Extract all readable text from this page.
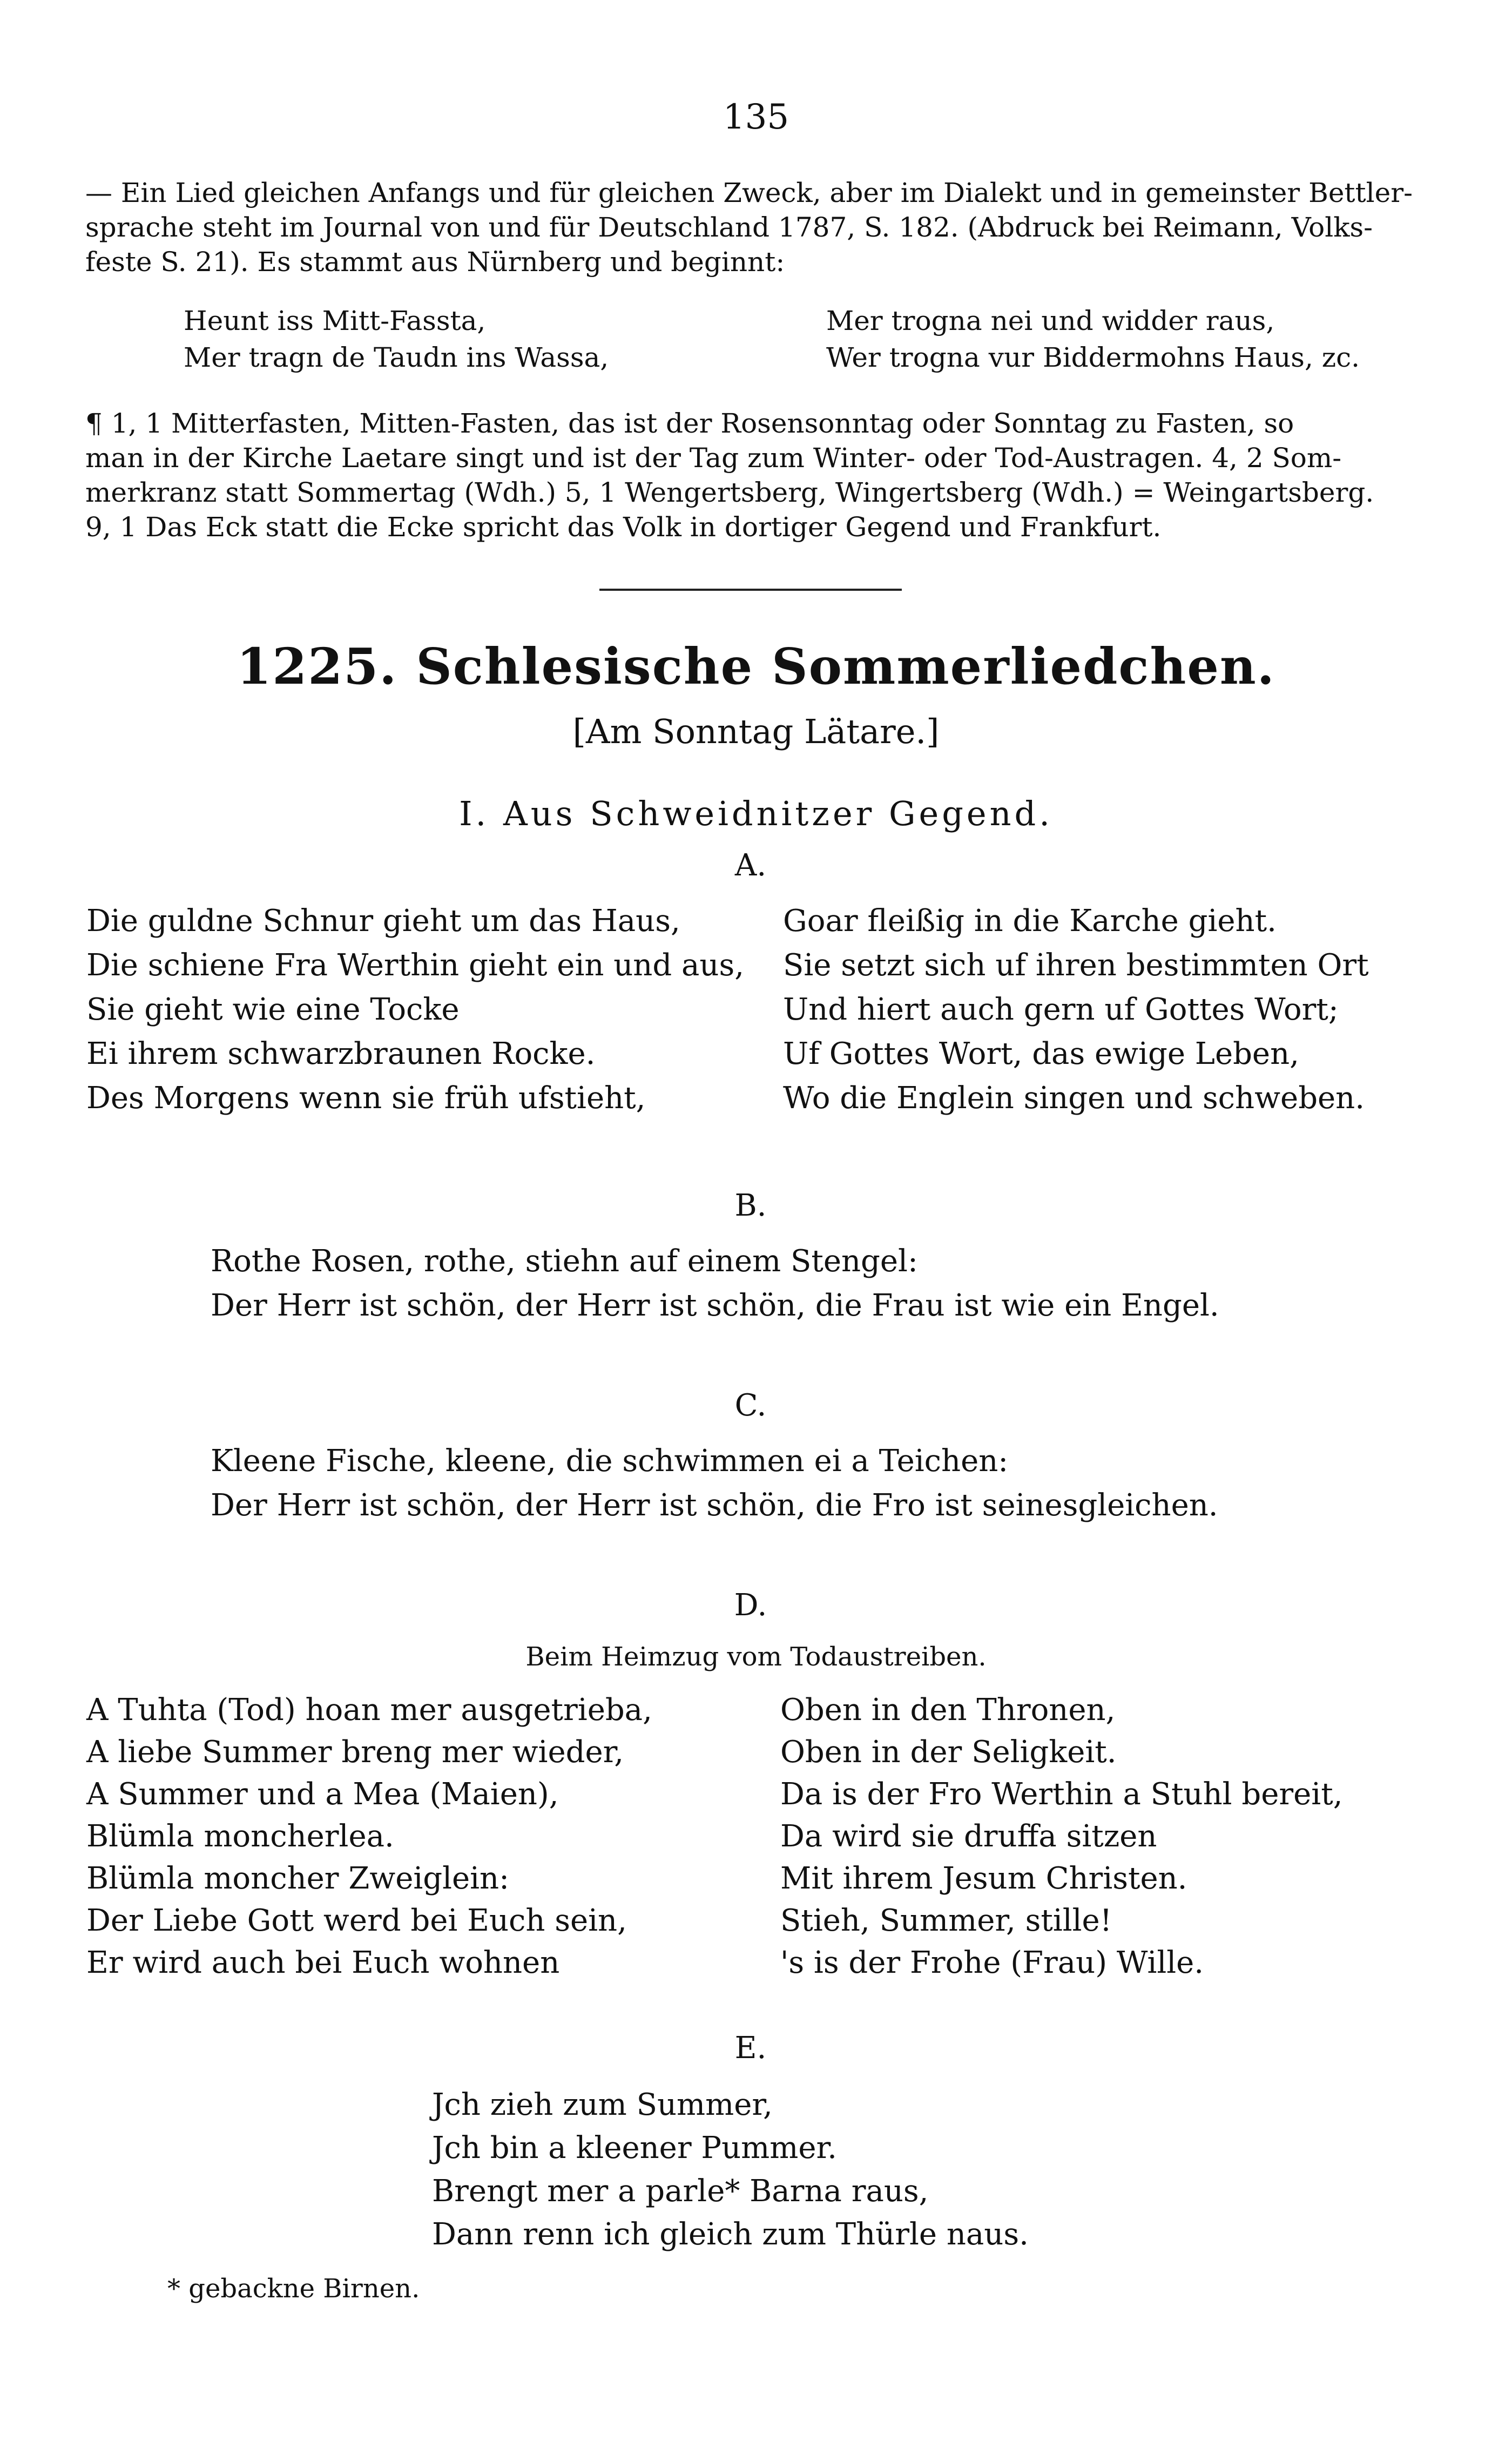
135
— Ein Lied gleichen Anfangs und für gleichen Zweck, aber im Dialekt und in gemeinster Bettler-
sprache steht im Journal von und für Deutschland 1787, S. 182. (Abdruck bei Reimann, Volks-
feste S. 21). Es stammt aus Nürnberg und beginnt:
Heunt iss Mitt-Fassta,
Mer tragn de Taudn ins Wassa,
Mer trogna nei und widder raus,
Wer trogna vur Biddermohns Haus, zc.
¶ 1, 1 Mitterfasten, Mitten-Fasten, das ist der Rosensonntag oder Sonntag zu Fasten, so
man in der Kirche Laetare singt und ist der Tag zum Winter- oder Tod-Austragen. 4, 2 Som-
merkranz statt Sommertag (Wdh.) 5, 1 Wengertsberg, Wingertsberg (Wdh.) = Weingartsberg.
9, 1 Das Eck statt die Ecke spricht das Volk in dortiger Gegend und Frankfurt.
1225. Schlesische Sommerliedchen.
[Am Sonntag Lätare.]
I. Aus Schweidnitzer Gegend.
A.
Die guldne Schnur gieht um das Haus,
Die schiene Fra Werthin gieht ein und aus,
Sie gieht wie eine Tocke
Ei ihrem schwarzbraunen Rocke.
Des Morgens wenn sie früh ufstieht,
Goar fleißig in die Karche gieht.
Sie setzt sich uf ihren bestimmten Ort
Und hiert auch gern uf Gottes Wort;
Uf Gottes Wort, das ewige Leben,
Wo die Englein singen und schweben.
B.
Rothe Rosen, rothe, stiehn auf einem Stengel:
Der Herr ist schön, der Herr ist schön, die Frau ist wie ein Engel.
C.
Kleene Fische, kleene, die schwimmen ei a Teichen:
Der Herr ist schön, der Herr ist schön, die Fro ist seinesgleichen.
D.
Beim Heimzug vom Todaustreiben.
A Tuhta (Tod) hoan mer ausgetrieba,
A liebe Summer breng mer wieder,
A Summer und a Mea (Maien),
Blümla moncherlea.
Blümla moncher Zweiglein:
Der Liebe Gott werd bei Euch sein,
Er wird auch bei Euch wohnen
Oben in den Thronen,
Oben in der Seligkeit.
Da is der Fro Werthin a Stuhl bereit,
Da wird sie druffa sitzen
Mit ihrem Jesum Christen.
Stieh, Summer, stille!
's is der Frohe (Frau) Wille.
E.
Jch zieh zum Summer,
Jch bin a kleener Pummer.
Brengt mer a parle* Barna raus,
Dann renn ich gleich zum Thürle naus.
* gebackne Birnen.
